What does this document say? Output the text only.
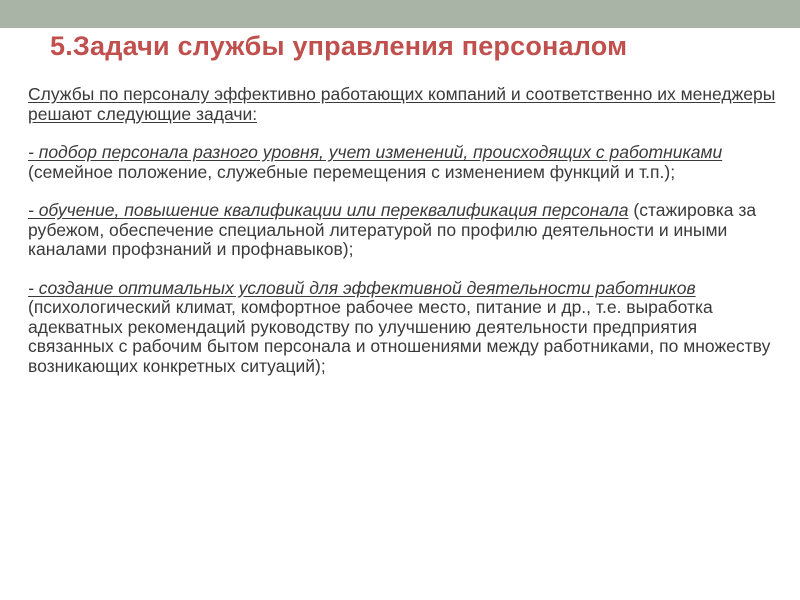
5.Задачи службы управления персоналом

Службы по персоналу эффективно работающих компаний и соответственно их менеджеры решают следующие задачи:

- подбор персонала разного уровня, учет изменений, происходящих с работниками (семейное положение, служебные перемещения с изменением функций и т.п.);

- обучение, повышение квалификации или переквалификация персонала (стажировка за рубежом, обеспечение специальной литературой по профилю деятельности и иными каналами профзнаний и профнавыков);

- создание оптимальных условий для эффективной деятельности работников (психологический климат, комфортное рабочее место, питание и др., т.е. выработка адекватных рекомендаций руководству по улучшению деятельности предприятия связанных с рабочим бытом персонала и отношениями между работниками, по множеству возникающих конкретных ситуаций);
